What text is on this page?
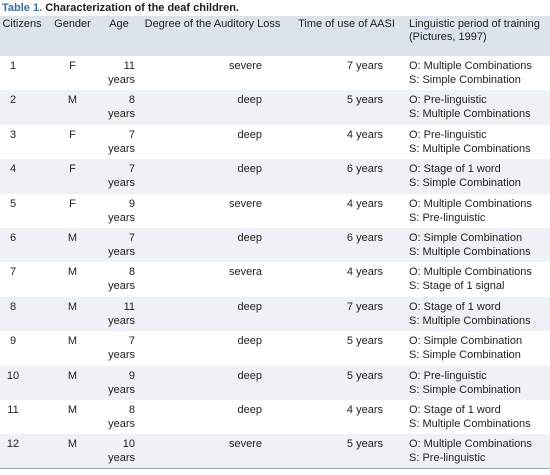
Table 1. Characterization of the deaf children.
Citizens	Gender	Age	Degree of the Auditory Loss	Time of use of AASI	Linguistic period of training
(Pictures, 1997)

1	F	11 years	severe	7 years	O: Multiple Combinations
S: Simple Combination

2	M	8 years	deep	5 years	O: Pre-linguistic
S: Multiple Combinations

3	F	7 years	deep	4 years	O: Pre-linguistic
S: Multiple Combinations

4	F	7 years	deep	6 years	O: Stage of 1 word
S: Simple Combination

5	F	9 years	severe	4 years	O: Multiple Combinations
S: Pre-linguistic

6	M	7 years	deep	6 years	O: Simple Combination
S: Multiple Combinations

7	M	8 years	severa	4 years	O: Multiple Combinations
S: Stage of 1 signal

8	M	11 years	deep	7 years	O: Stage of 1 word
S: Multiple Combinations

9	M	7 years	deep	5 years	O: Simple Combination
S: Simple Combination

10	M	9 years	deep	5 years	O: Pre-linguistic
S: Simple Combination

11	M	8 years	deep	4 years	O: Stage of 1 word
S: Multiple Combinations

12	M	10 years	severe	5 years	O: Multiple Combinations
S: Pre-linguistic
